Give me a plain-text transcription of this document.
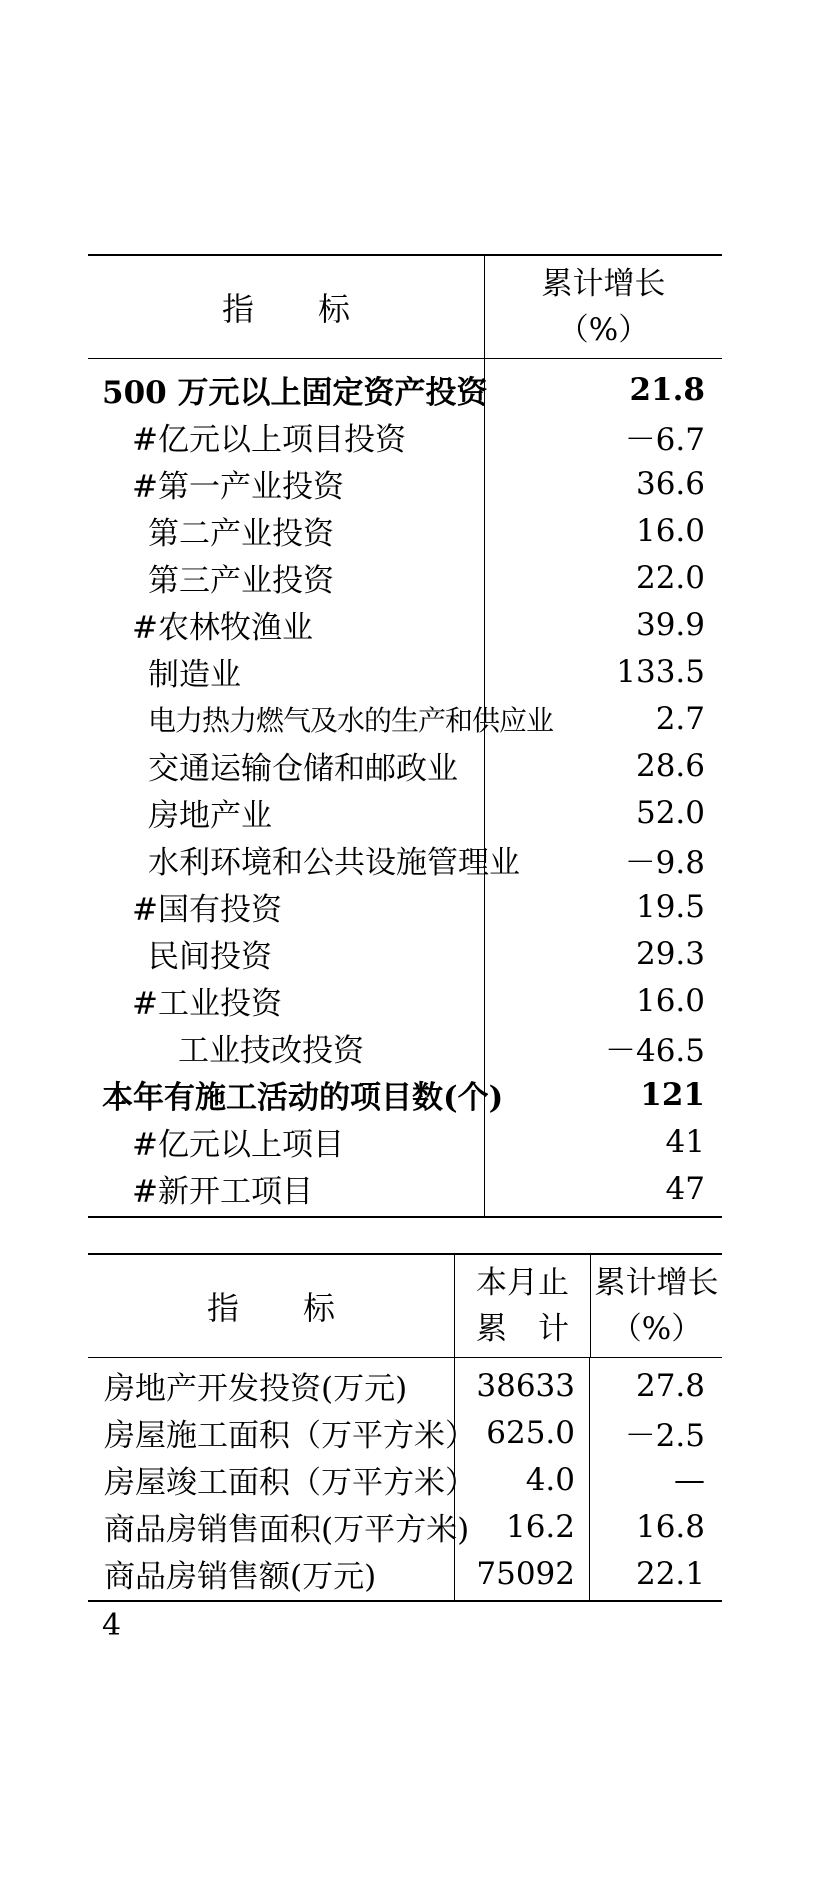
指　　标
累计增长
（%）
500 万元以上固定资产投资	21.8
#亿元以上项目投资	－6.7
#第一产业投资	36.6
第二产业投资	16.0
第三产业投资	22.0
#农林牧渔业	39.9
制造业	133.5
电力热力燃气及水的生产和供应业	2.7
交通运输仓储和邮政业	28.6
房地产业	52.0
水利环境和公共设施管理业	－9.8
#国有投资	19.5
民间投资	29.3
#工业投资	16.0
工业技改投资	－46.5
本年有施工活动的项目数(个)	121
#亿元以上项目	41
#新开工项目	47
指　　标
本月止
累　计
累计增长
（%）
房地产开发投资(万元)	38633	27.8
房屋施工面积（万平方米） 625.0	－2.5
房屋竣工面积（万平方米）	4.0	—
商品房销售面积(万平方米)	16.2	16.8
商品房销售额(万元)	75092	22.1
4
